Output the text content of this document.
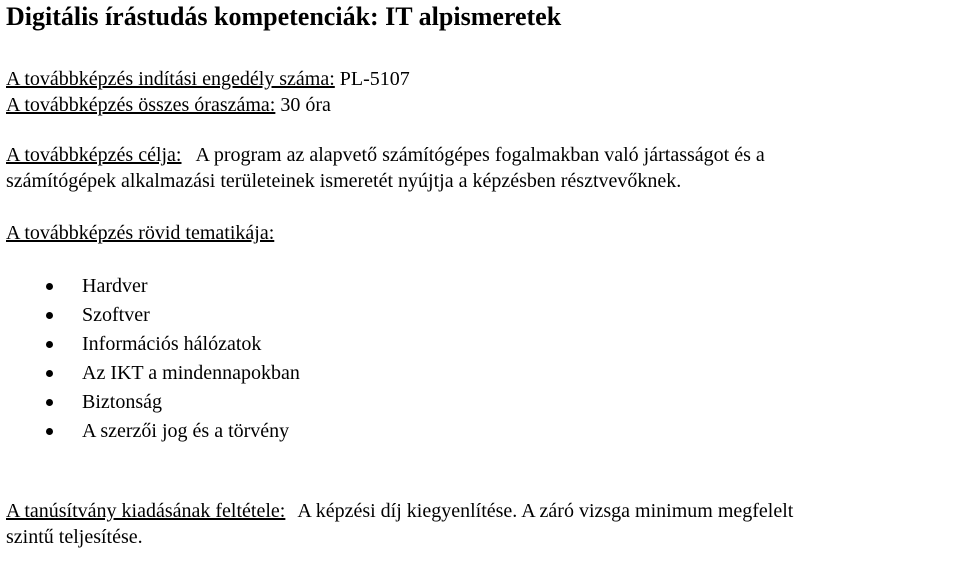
Digitális írástudás kompetenciák: IT alpismeretek
A továbbképzés indítási engedély száma: PL-5107
A továbbképzés összes óraszáma: 30 óra
A továbbképzés célja: A program az alapvető számítógépes fogalmakban való jártasságot és a
számítógépek alkalmazási területeinek ismeretét nyújtja a képzésben résztvevőknek.
A továbbképzés rövid tematikája:
Hardver
Szoftver
Információs hálózatok
Az IKT a mindennapokban
Biztonság
A szerzői jog és a törvény
A tanúsítvány kiadásának feltétele: A képzési díj kiegyenlítése. A záró vizsga minimum megfelelt
szintű teljesítése.
